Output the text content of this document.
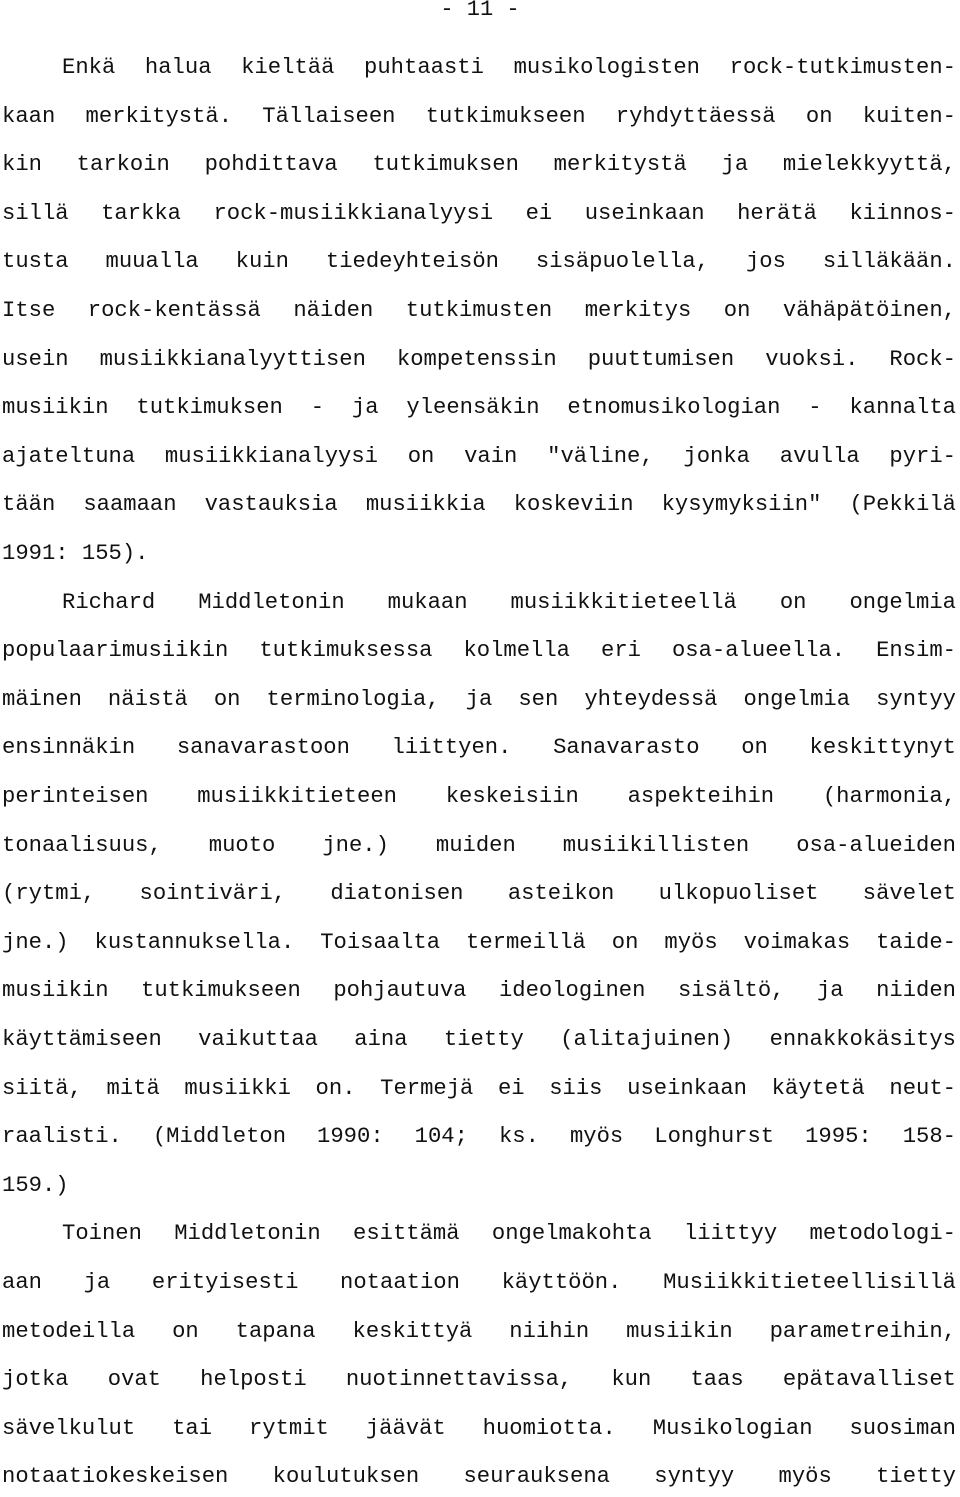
- 11 -
Enkä halua kieltää puhtaasti musikologisten rock-tutkimusten-
kaan merkitystä. Tällaiseen tutkimukseen ryhdyttäessä on kuiten-
kin tarkoin pohdittava tutkimuksen merkitystä ja mielekkyyttä,
sillä tarkka rock-musiikkianalyysi ei useinkaan herätä kiinnos-
tusta muualla kuin tiedeyhteisön sisäpuolella, jos silläkään.
Itse rock-kentässä näiden tutkimusten merkitys on vähäpätöinen,
usein musiikkianalyyttisen kompetenssin puuttumisen vuoksi. Rock-
musiikin tutkimuksen - ja yleensäkin etnomusikologian - kannalta
ajateltuna musiikkianalyysi on vain "väline, jonka avulla pyri-
tään saamaan vastauksia musiikkia koskeviin kysymyksiin" (Pekkilä
1991: 155).
Richard Middletonin mukaan musiikkitieteellä on ongelmia
populaarimusiikin tutkimuksessa kolmella eri osa-alueella. Ensim-
mäinen näistä on terminologia, ja sen yhteydessä ongelmia syntyy
ensinnäkin sanavarastoon liittyen. Sanavarasto on keskittynyt
perinteisen musiikkitieteen keskeisiin aspekteihin (harmonia,
tonaalisuus, muoto jne.) muiden musiikillisten osa-alueiden
(rytmi, sointiväri, diatonisen asteikon ulkopuoliset sävelet
jne.) kustannuksella. Toisaalta termeillä on myös voimakas taide-
musiikin tutkimukseen pohjautuva ideologinen sisältö, ja niiden
käyttämiseen vaikuttaa aina tietty (alitajuinen) ennakkokäsitys
siitä, mitä musiikki on. Termejä ei siis useinkaan käytetä neut-
raalisti. (Middleton 1990: 104; ks. myös Longhurst 1995: 158-
159.)
Toinen Middletonin esittämä ongelmakohta liittyy metodologi-
aan ja erityisesti notaation käyttöön. Musiikkitieteellisillä
metodeilla on tapana keskittyä niihin musiikin parametreihin,
jotka ovat helposti nuotinnettavissa, kun taas epätavalliset
sävelkulut tai rytmit jäävät huomiotta. Musikologian suosiman
notaatiokeskeisen koulutuksen seurauksena syntyy myös tietty
